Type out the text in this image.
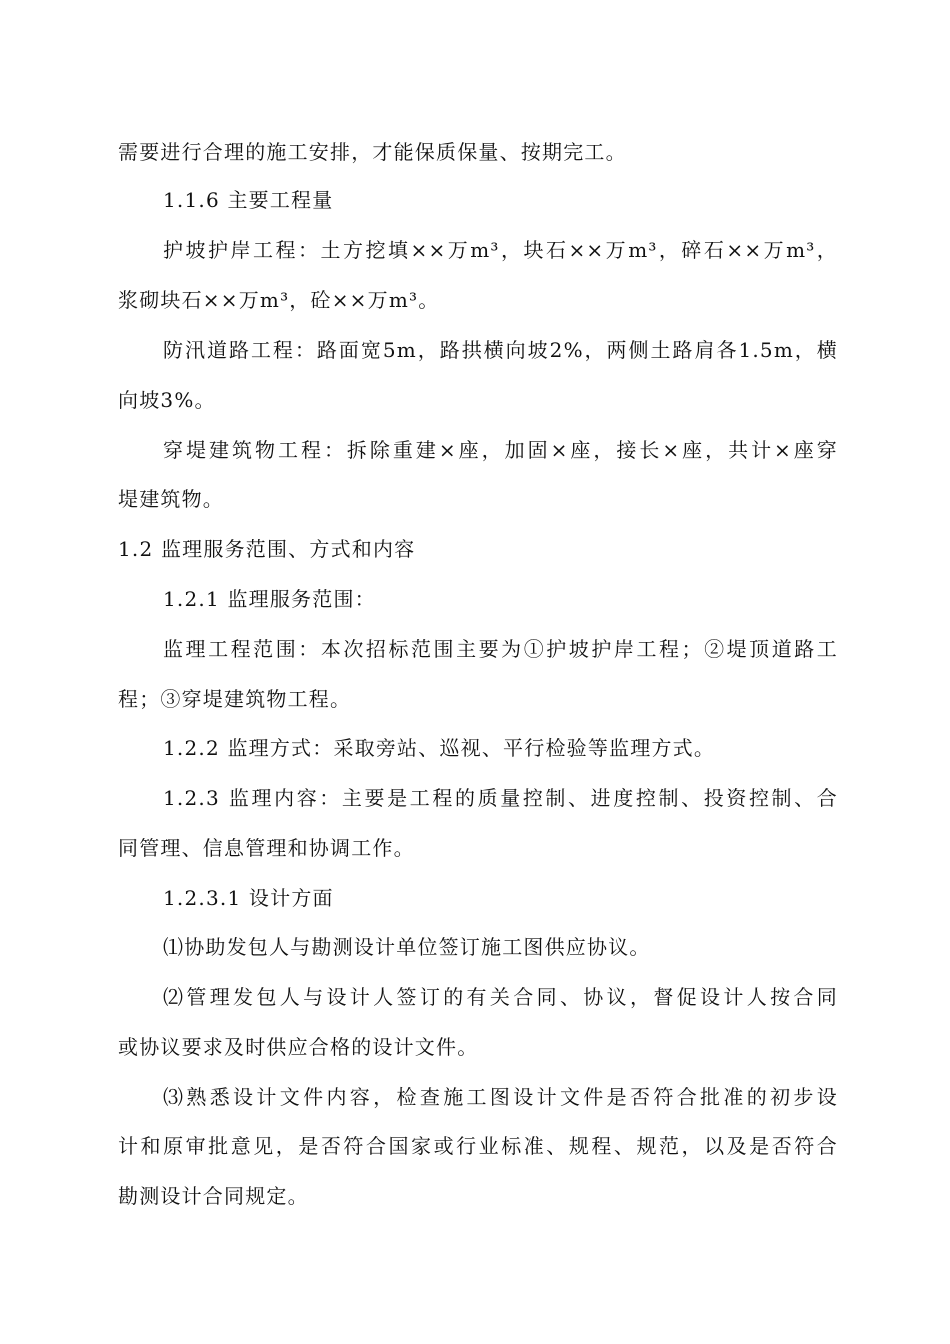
需要进行合理的施工安排，才能保质保量、按期完工。
1.1.6 主要工程量
护坡护岸工程：土方挖填××万m³，块石××万m³，碎石××万m³，
浆砌块石××万m³，砼××万m³。
防汛道路工程：路面宽5m，路拱横向坡2%，两侧土路肩各1.5m，横
向坡3%。
穿堤建筑物工程：拆除重建×座，加固×座，接长×座，共计×座穿
堤建筑物。
1.2 监理服务范围、方式和内容
1.2.1 监理服务范围：
监理工程范围：本次招标范围主要为①护坡护岸工程；②堤顶道路工
程；③穿堤建筑物工程。
1.2.2 监理方式：采取旁站、巡视、平行检验等监理方式。
1.2.3 监理内容：主要是工程的质量控制、进度控制、投资控制、合
同管理、信息管理和协调工作。
1.2.3.1 设计方面
⑴协助发包人与勘测设计单位签订施工图供应协议。
⑵管理发包人与设计人签订的有关合同、协议，督促设计人按合同
或协议要求及时供应合格的设计文件。
⑶熟悉设计文件内容，检查施工图设计文件是否符合批准的初步设
计和原审批意见，是否符合国家或行业标准、规程、规范，以及是否符合
勘测设计合同规定。
